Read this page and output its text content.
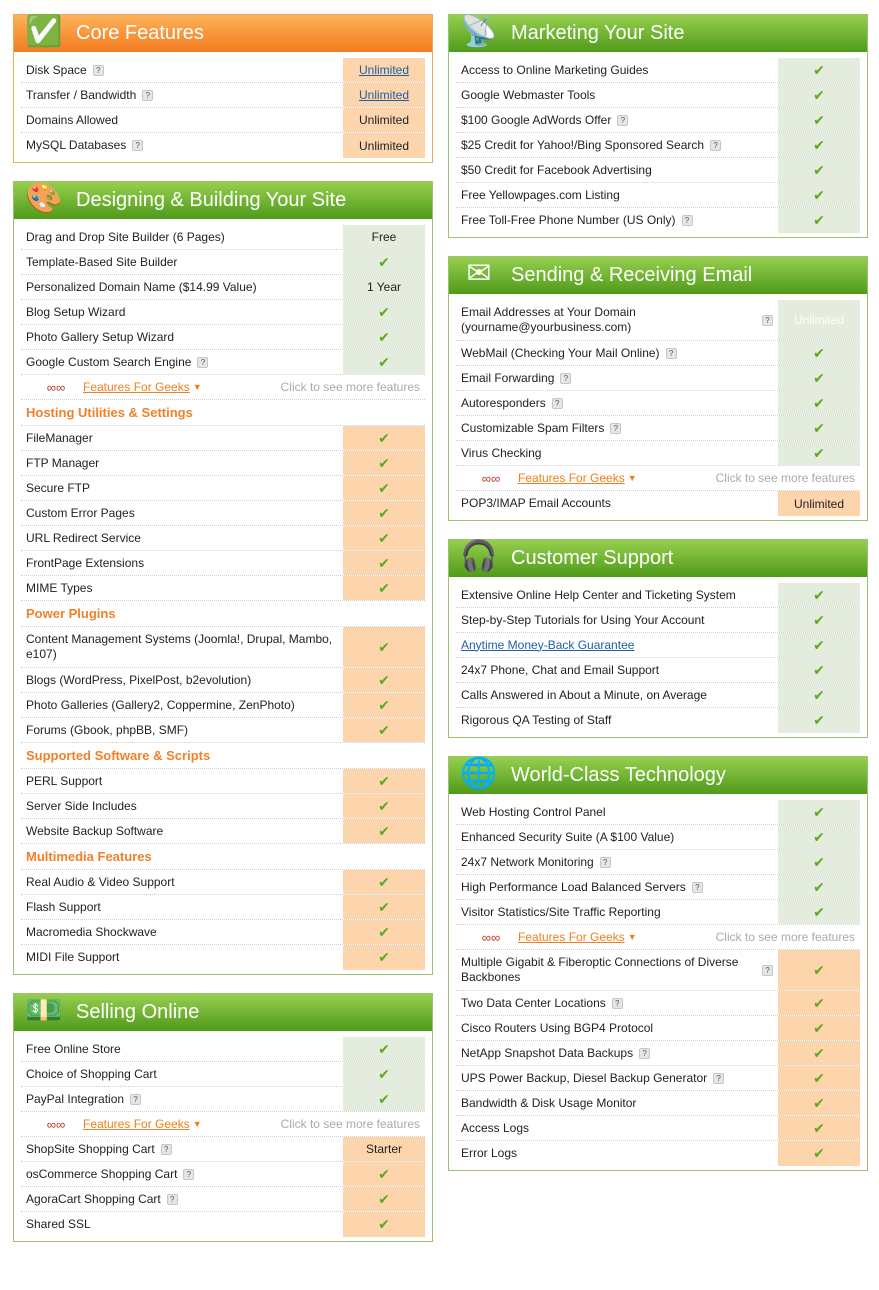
✅ Core Features
Disk Space	?	Unlimited
Transfer / Bandwidth	?	Unlimited
Domains Allowed	Unlimited
MySQL Databases	?	Unlimited
🎨 Designing & Building Your Site
Drag and Drop Site Builder (6 Pages)	Free
Template-Based Site Builder	✔
Personalized Domain Name ($14.99 Value)	1 Year
Blog Setup Wizard	✔
Photo Gallery Setup Wizard	✔
Google Custom Search Engine	?	✔
∞∞	Features For Geeks ▼	Click to see more features
Hosting Utilities & Settings
FileManager	✔
FTP Manager	✔
Secure FTP	✔
Custom Error Pages	✔
URL Redirect Service	✔
FrontPage Extensions	✔
MIME Types	✔
Power Plugins
Content Management Systems (Joomla!, Drupal, Mambo, e107)	✔
Blogs (WordPress, PixelPost, b2evolution)	✔
Photo Galleries (Gallery2, Coppermine, ZenPhoto)	✔
Forums (Gbook, phpBB, SMF)	✔
Supported Software & Scripts
PERL Support	✔
Server Side Includes	✔
Website Backup Software	✔
Multimedia Features
Real Audio & Video Support	✔
Flash Support	✔
Macromedia Shockwave	✔
MIDI File Support	✔
💵 Selling Online
Free Online Store	✔
Choice of Shopping Cart	✔
PayPal Integration	?	✔
∞∞	Features For Geeks ▼	Click to see more features
ShopSite Shopping Cart	?	Starter
osCommerce Shopping Cart	?	✔
AgoraCart Shopping Cart	?	✔
Shared SSL	✔
📡 Marketing Your Site
Access to Online Marketing Guides	✔
Google Webmaster Tools	✔
$100 Google AdWords Offer	?	✔
$25 Credit for Yahoo!/Bing Sponsored Search	?	✔
$50 Credit for Facebook Advertising	✔
Free Yellowpages.com Listing	✔
Free Toll-Free Phone Number (US Only)	?	✔
✉ Sending & Receiving Email
Email Addresses at Your Domain (yourname@yourbusiness.com)	? Unlimited
WebMail (Checking Your Mail Online)	?	✔
Email Forwarding	?	✔
Autoresponders	?	✔
Customizable Spam Filters	?	✔
Virus Checking	✔
∞∞	Features For Geeks ▼	Click to see more features
POP3/IMAP Email Accounts	Unlimited
🎧 Customer Support
Extensive Online Help Center and Ticketing System	✔
Step-by-Step Tutorials for Using Your Account	✔
Anytime Money-Back Guarantee	✔
24x7 Phone, Chat and Email Support	✔
Calls Answered in About a Minute, on Average	✔
Rigorous QA Testing of Staff	✔
🌐 World-Class Technology
Web Hosting Control Panel	✔
Enhanced Security Suite (A $100 Value)	✔
24x7 Network Monitoring	?	✔
High Performance Load Balanced Servers	?	✔
Visitor Statistics/Site Traffic Reporting	✔
∞∞	Features For Geeks ▼	Click to see more features
Multiple Gigabit & Fiberoptic Connections of Diverse Backbones	?	✔
Two Data Center Locations	?	✔
Cisco Routers Using BGP4 Protocol	✔
NetApp Snapshot Data Backups	?	✔
UPS Power Backup, Diesel Backup Generator	?	✔
Bandwidth & Disk Usage Monitor	✔
Access Logs	✔
Error Logs	✔
